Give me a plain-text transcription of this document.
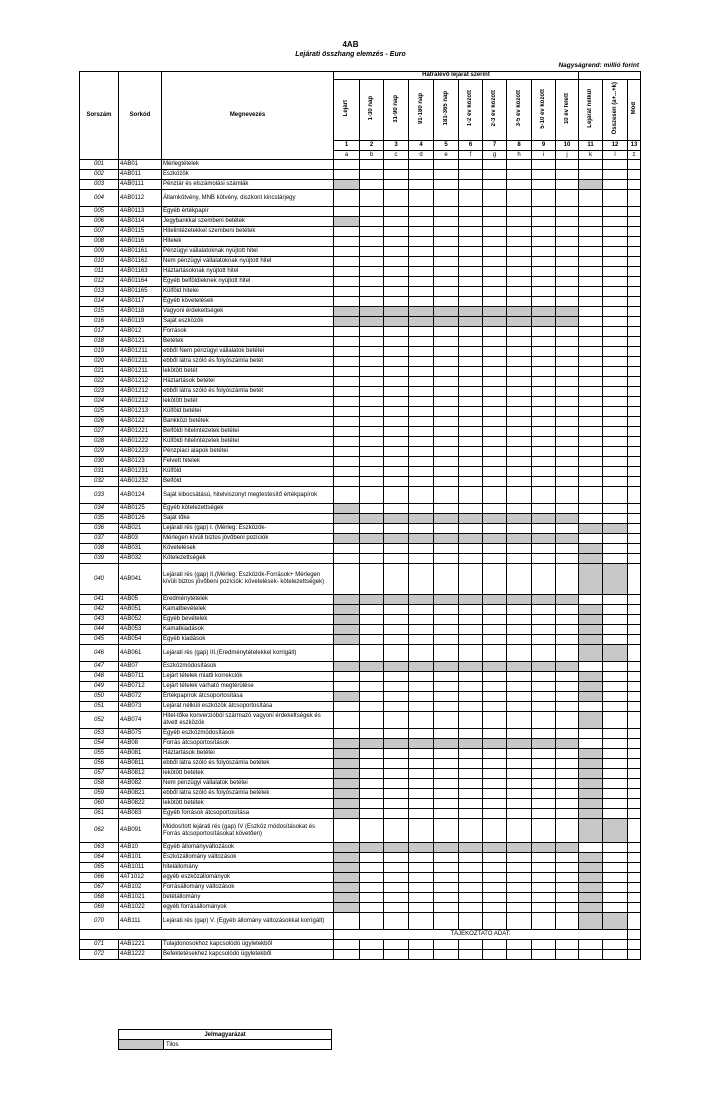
4AB
Lejárati összhang elemzés - Euro
Nagyságrend: millió forint
Sorszám	Sorkód	Megnevezés	Hátralévő lejárat szerint												
			Lejárt	1-30 nap	31-90 nap	91-180 nap	181-365 nap	1-2 év között	2-3 év között	3-5 év között	5-10 év között	10 év felett	Lejárat nélkül	Összesen (a+...+k)	Mód
			1	2	3	4	5	6	7	8	9	10	11	12	13
			a	b	c	d	e	f	g	h	i	j	k	l	z
001	4AB01	Mérlegtételek													
002	4AB011	Eszközök													
003	4AB0111	Pénztár és elszámolási számlák													
004	4AB0112	Államkötvény, MNB kötvény, diszkont kincstárjegy													
005	4AB0113	Egyéb értékpapír													
006	4AB0114	Jegybankkal szembeni betétek													
007	4AB0115	Hitelintézetekkel szembeni betétek													
008	4AB0116	Hitelek													
009	4AB01161	Pénzügyi vállalatoknak nyújtott hitel													
010	4AB01162	Nem pénzügyi vállalatoknak nyújtott hitel													
011	4AB01163	Háztartásoknak nyújtott hitel													
012	4AB01164	Egyéb belföldieknek nyújtott hitel													
013	4AB01165	Külföld hitelei													
014	4AB0117	Egyéb követelések													
015	4AB0118	Vagyoni érdekeltségek													
016	4AB0119	Saját eszközök													
017	4AB012	Források													
018	4AB0121	Betétek													
019	4AB01211	ebből Nem pénzügyi vállalatok betétei													
020	4AB01211	ebből látra szóló és folyószámla betét													
021	4AB01211	lekötött betét													
022	4AB01212	Háztartások betétei													
023	4AB01212	ebből látra szóló és folyószámla betét													
024	4AB01212	lekötött betét													
025	4AB01213	Külföld betétei													
026	4AB0122	Bankközi betétek													
027	4AB01221	Belföldi hitelintézetek betétei													
028	4AB01222	Külföldi hitelintézetek betétei													
029	4AB01223	Pénzpiaci alapok betétei													
030	4AB0123	Felvett hitelek													
031	4AB01231	Külföld													
032	4AB01232	Belföld													
033	4AB0124	Saját kibocsátású, hitelviszonyt megtestesítő értékpapírok													
034	4AB0125	Egyéb kötelezettségek													
035	4AB0126	Saját tőke													
036	4AB021	Lejárati rés (gap) I. (Mérleg: Eszközök-													
037	4AB03	Mérlegen kívüli biztos jövőbeni pozíciók													
038	4AB031	Követelések													
039	4AB032	Kötelezettségek													
040	4AB041	Lejárati rés (gap) II.(Mérleg: Eszközök-Források+ Mérlegen kívüli biztos jövőbeni pozíciók: követelések- kötelezettségek)													
041	4AB05	Eredménytételek													
042	4AB051	Kamatbevételek													
043	4AB052	Egyéb bevételek													
044	4AB053	Kamatkiadások													
045	4AB054	Egyéb kiadások													
046	4AB061	Lejárati rés (gap) III.(Eredménytételekkel korrigált)													
047	4AB07	Eszközmódosítások													
048	4AB0711	Lejárt tételek miatti korrekciók													
049	4AB0712	Lejárt tételek várható megtérülése													
050	4AB072	Értékpapírok átcsoportosítása													
051	4AB073	Lejárat nélküli eszközök átcsoportosítása													
052	4AB074	Hitel-tőke konverzióból származó vagyoni érdekeltségek és átvett eszközök													
053	4AB075	Egyéb eszközmódosítások													
054	4AB08	Forrás átcsoportosítások													
055	4AB081	Háztartások betétei													
056	4AB0811	ebből látra szóló és folyószámla betétek													
057	4AB0812	lekötött betétek													
058	4AB082	Nem pénzügyi vállalatok betétei													
059	4AB0821	ebből látra szóló és folyószámla betétek													
060	4AB0822	lekötött betétek													
061	4AB083	Egyéb források átcsoportosítása													
062	4AB091	Módosított lejárati rés (gap) IV (Eszköz módosításokat és Forrás átcsoportosításokat követően)													
063	4AB10	Egyéb állományváltozások													
064	4AB101	Eszközállomány változások													
065	4AB1011	hitelállomány													
066	4AT1012	egyéb eszközállományok													
067	4AB102	Forrásállomány változások													
068	4AB1021	betétállomány													
069	4AB1022	egyéb forrásállományok													
070	4AB111	Lejárati rés (gap) V. (Egyéb állomány változásokkal korrigált)													
			TÁJÉKOZTATÓ ADAT:												
071	4AB1221	Tulajdonosokhoz kapcsolódó ügyletekből													
072	4AB1222	Befektetésekhez kapcsolódó ügyletekből													
Jelmagyarázat
	Tilos
